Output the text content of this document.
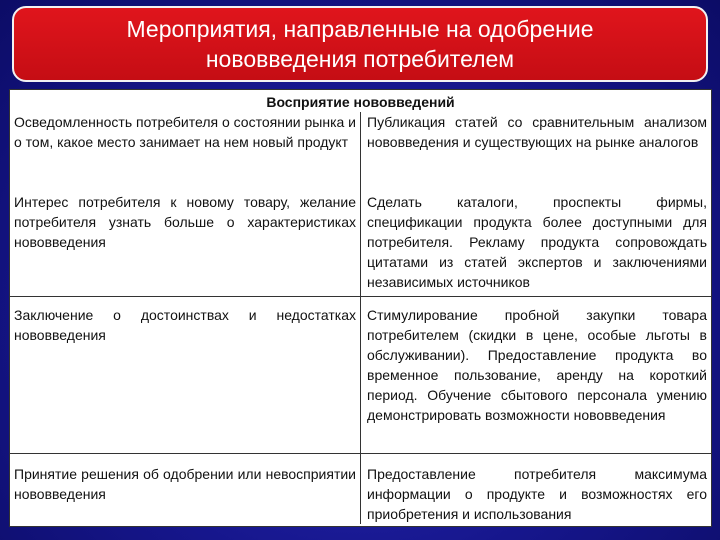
Мероприятия, направленные на одобрение
нововведения потребителем
Восприятие нововведений	
Осведомленность потребителя о состоянии рынка и о том, какое место занимает на нем новый продукт	Публикация статей со сравнительным анализом нововведения и существующих на рынке аналогов
Интерес потребителя к новому товару, желание потребителя узнать больше о характеристиках нововведения	Сделать каталоги, проспекты фирмы, спецификации продукта более доступными для потребителя. Рекламу продукта сопровождать цитатами из статей экспертов и заключениями независимых источников
Заключение о достоинствах и недостатках нововведения	Стимулирование пробной закупки товара потребителем (скидки в цене, особые льготы в обслуживании). Предоставление продукта во временное пользование, аренду на короткий период. Обучение сбытового персонала умению демонстрировать возможности нововведения
Принятие решения об одобрении или невосприятии нововведения	Предоставление потребителя максимума информации о продукте и возможностях его приобретения и использования
